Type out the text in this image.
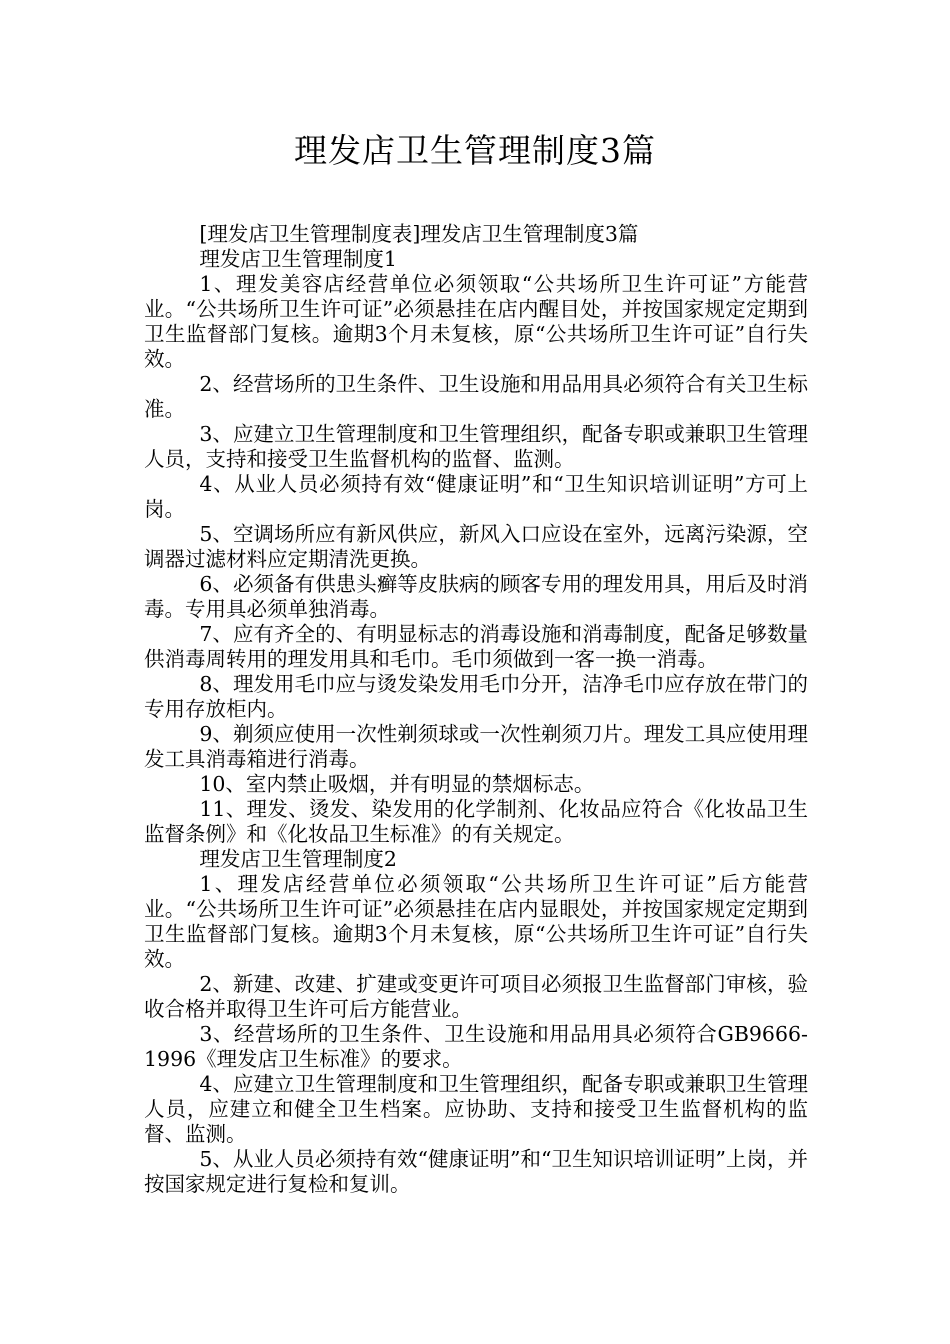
理发店卫生管理制度3篇

[理发店卫生管理制度表]理发店卫生管理制度3篇

理发店卫生管理制度1

1、理发美容店经营单位必须领取“公共场所卫生许可证”方能营业。“公共场所卫生许可证”必须悬挂在店内醒目处，并按国家规定定期到卫生监督部门复核。逾期3个月未复核，原“公共场所卫生许可证”自行失效。

2、经营场所的卫生条件、卫生设施和用品用具必须符合有关卫生标准。

3、应建立卫生管理制度和卫生管理组织，配备专职或兼职卫生管理人员，支持和接受卫生监督机构的监督、监测。

4、从业人员必须持有效“健康证明”和“卫生知识培训证明”方可上岗。

5、空调场所应有新风供应，新风入口应设在室外，远离污染源，空调器过滤材料应定期清洗更换。

6、必须备有供患头癣等皮肤病的顾客专用的理发用具，用后及时消毒。专用具必须单独消毒。

7、应有齐全的、有明显标志的消毒设施和消毒制度，配备足够数量供消毒周转用的理发用具和毛巾。毛巾须做到一客一换一消毒。

8、理发用毛巾应与烫发染发用毛巾分开，洁净毛巾应存放在带门的专用存放柜内。

9、剃须应使用一次性剃须球或一次性剃须刀片。理发工具应使用理发工具消毒箱进行消毒。

10、室内禁止吸烟，并有明显的禁烟标志。

11、理发、烫发、染发用的化学制剂、化妆品应符合《化妆品卫生监督条例》和《化妆品卫生标准》的有关规定。

理发店卫生管理制度2

1、理发店经营单位必须领取“公共场所卫生许可证”后方能营业。“公共场所卫生许可证”必须悬挂在店内显眼处，并按国家规定定期到卫生监督部门复核。逾期3个月未复核，原“公共场所卫生许可证”自行失效。

2、新建、改建、扩建或变更许可项目必须报卫生监督部门审核，验收合格并取得卫生许可后方能营业。

3、经营场所的卫生条件、卫生设施和用品用具必须符合GB9666-1996《理发店卫生标准》的要求。

4、应建立卫生管理制度和卫生管理组织，配备专职或兼职卫生管理人员，应建立和健全卫生档案。应协助、支持和接受卫生监督机构的监督、监测。

5、从业人员必须持有效“健康证明”和“卫生知识培训证明”上岗，并按国家规定进行复检和复训。
